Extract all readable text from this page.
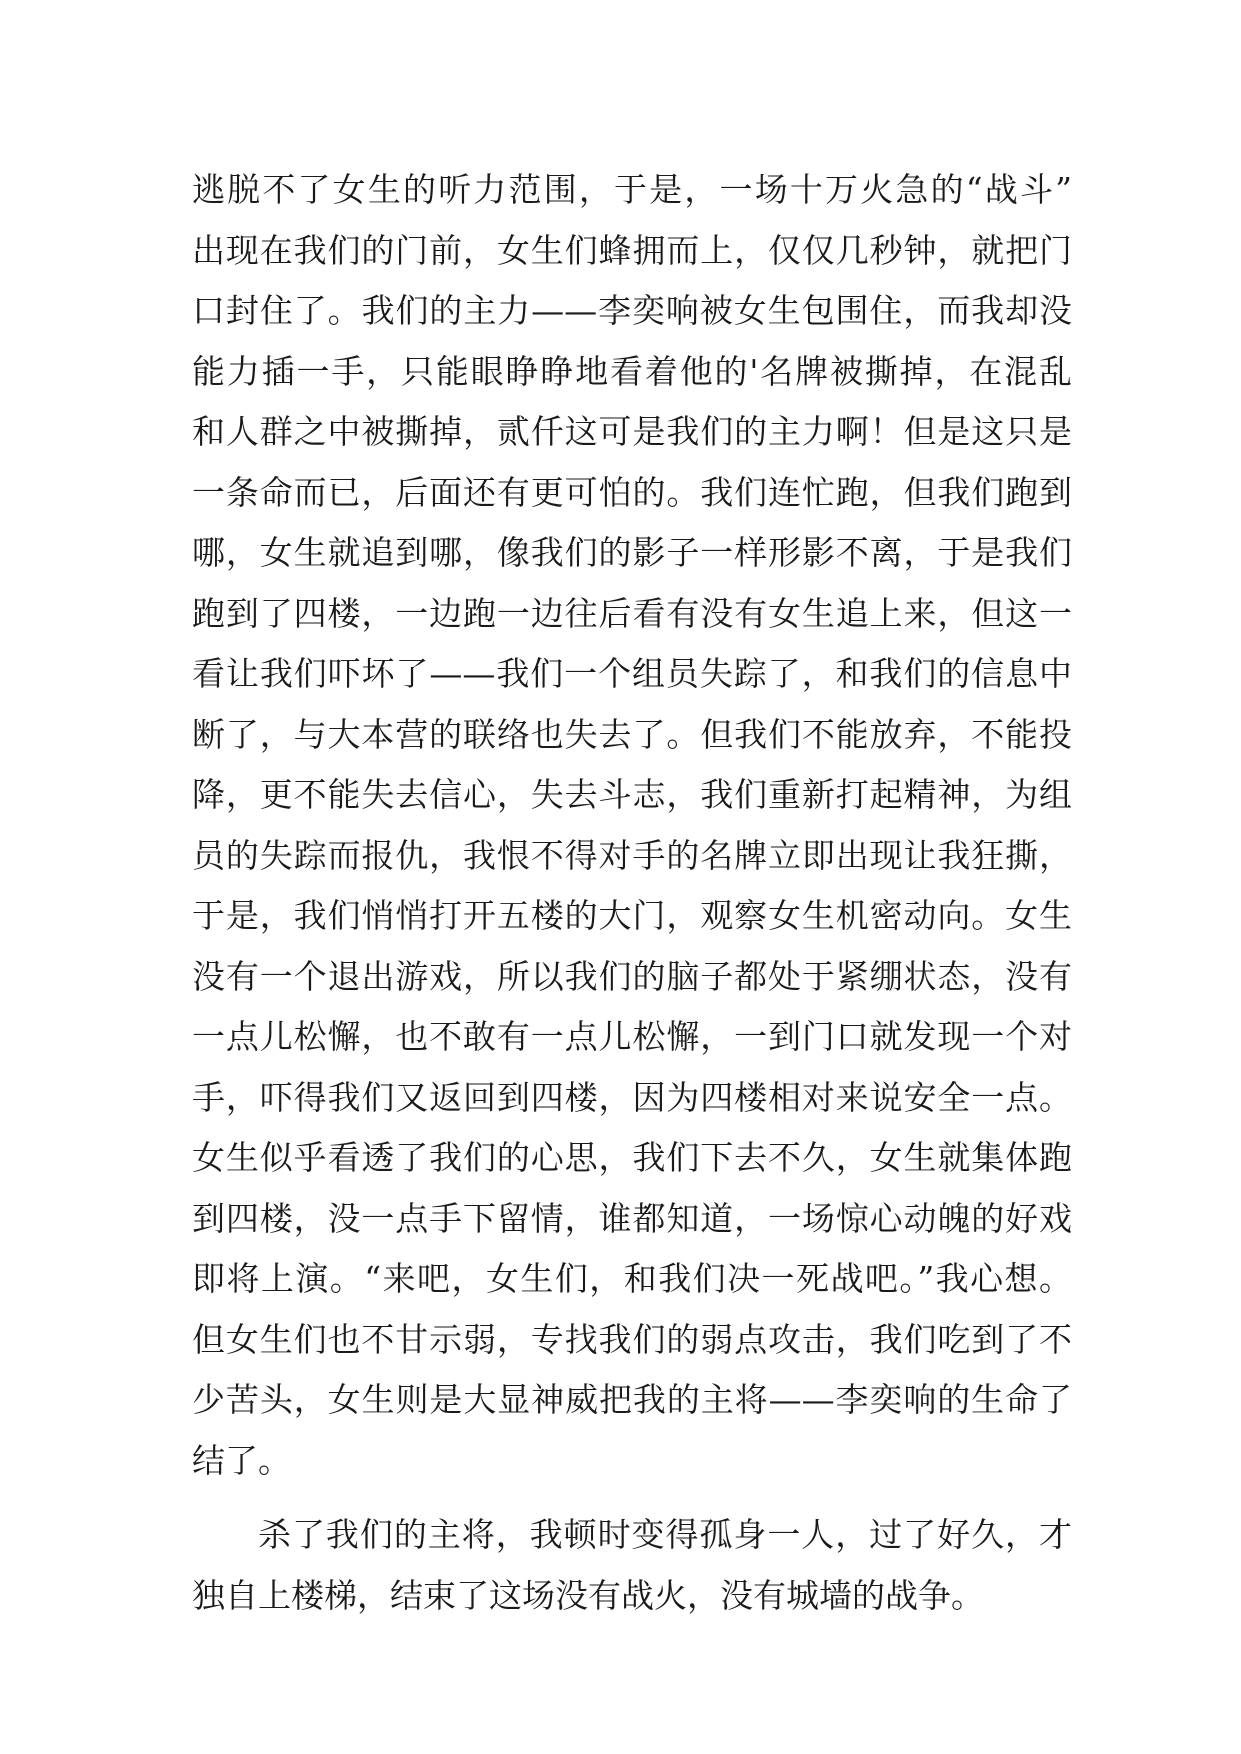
逃脱不了女生的听力范围，于是，一场十万火急的“战斗”
出现在我们的门前，女生们蜂拥而上，仅仅几秒钟，就把门
口封住了。我们的主力——李奕响被女生包围住，而我却没
能力插一手，只能眼睁睁地看着他的'名牌被撕掉，在混乱
和人群之中被撕掉，贰仟这可是我们的主力啊！但是这只是
一条命而已，后面还有更可怕的。我们连忙跑，但我们跑到
哪，女生就追到哪，像我们的影子一样形影不离，于是我们
跑到了四楼，一边跑一边往后看有没有女生追上来，但这一
看让我们吓坏了——我们一个组员失踪了，和我们的信息中
断了，与大本营的联络也失去了。但我们不能放弃，不能投
降，更不能失去信心，失去斗志，我们重新打起精神，为组
员的失踪而报仇，我恨不得对手的名牌立即出现让我狂撕，
于是，我们悄悄打开五楼的大门，观察女生机密动向。女生
没有一个退出游戏，所以我们的脑子都处于紧绷状态，没有
一点儿松懈，也不敢有一点儿松懈，一到门口就发现一个对
手，吓得我们又返回到四楼，因为四楼相对来说安全一点。
女生似乎看透了我们的心思，我们下去不久，女生就集体跑
到四楼，没一点手下留情，谁都知道，一场惊心动魄的好戏
即将上演。“来吧，女生们，和我们决一死战吧。”我心想。
但女生们也不甘示弱，专找我们的弱点攻击，我们吃到了不
少苦头，女生则是大显神威把我的主将——李奕响的生命了
结了。
杀了我们的主将，我顿时变得孤身一人，过了好久，才
独自上楼梯，结束了这场没有战火，没有城墙的战争。
